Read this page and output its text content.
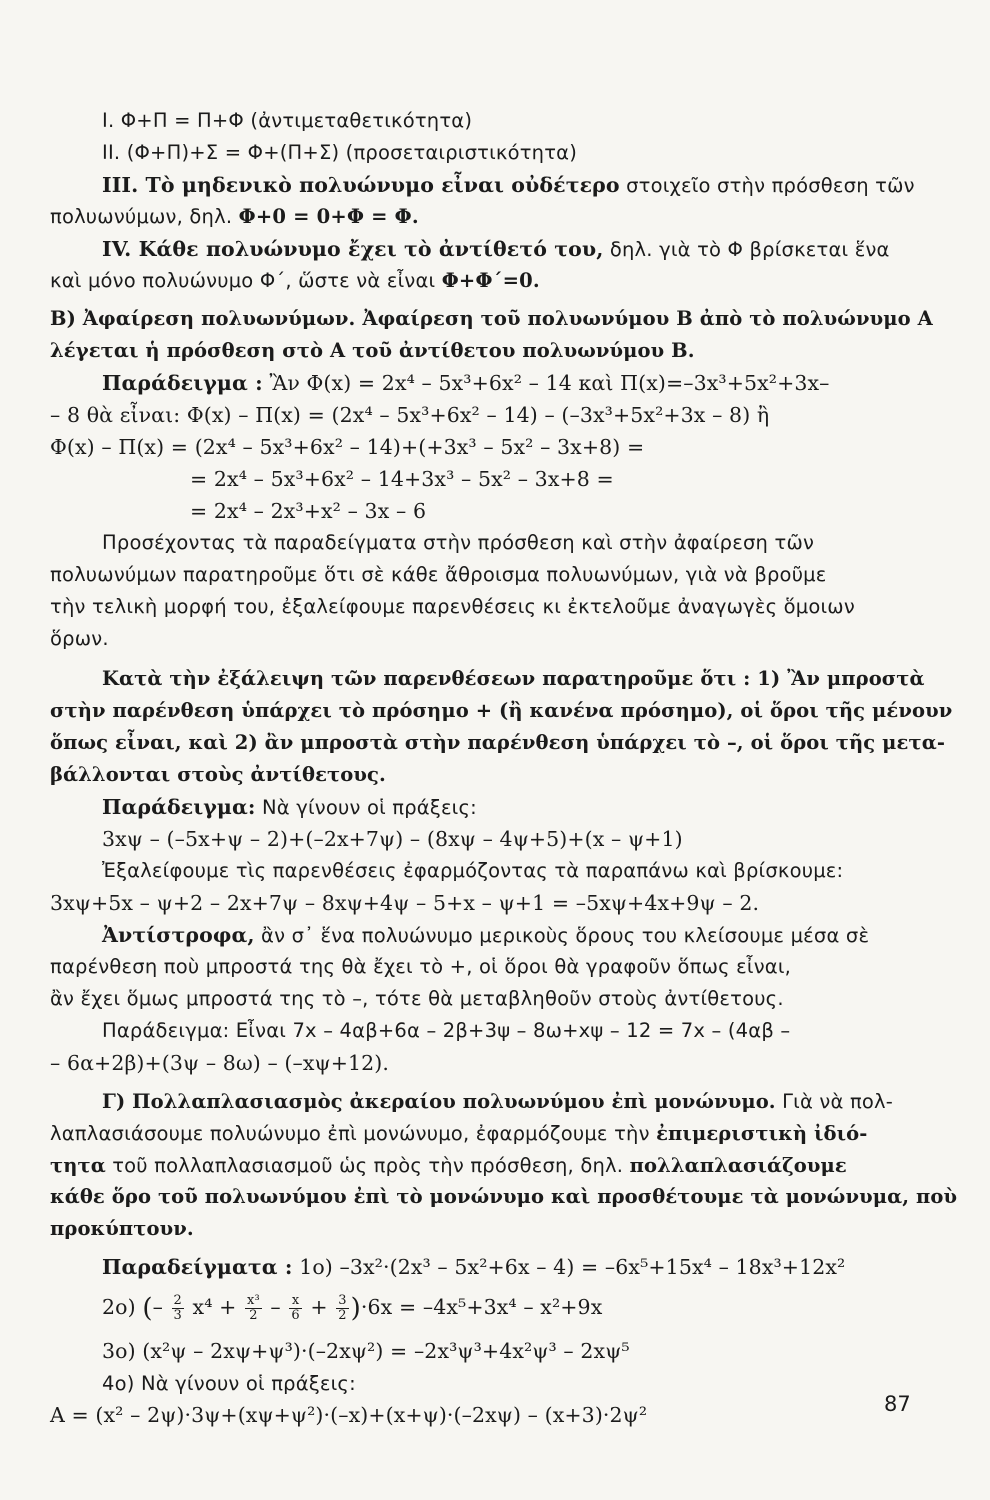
Ι. Φ+Π = Π+Φ (ἀντιμεταθετικότητα)
ΙΙ. (Φ+Π)+Σ = Φ+(Π+Σ) (προσεταιριστικότητα)
ΙΙΙ. Τὸ μηδενικὸ πολυώνυμο εἶναι οὐδέτερο στοιχεῖο στὴν πρόσθεση τῶν
πολυωνύμων, δηλ. Φ+0 = 0+Φ = Φ.
ΙV. Κάθε πολυώνυμο ἔχει τὸ ἀντίθετό του, δηλ. γιὰ τὸ Φ βρίσκεται ἕνα
καὶ μόνο πολυώνυμο Φ΄, ὥστε νὰ εἶναι Φ+Φ΄=0.
Β) Ἀφαίρεση πολυωνύμων. Ἀφαίρεση τοῦ πολυωνύμου Β ἀπὸ τὸ πολυώνυμο Α
λέγεται ἡ πρόσθεση στὸ Α τοῦ ἀντίθετου πολυωνύμου Β.
Παράδειγμα : Ἂν Φ(x) = 2x⁴ – 5x³+6x² – 14 καὶ Π(x)=–3x³+5x²+3x–
– 8 θὰ εἶναι: Φ(x) – Π(x) = (2x⁴ – 5x³+6x² – 14) – (–3x³+5x²+3x – 8) ἢ
Φ(x) – Π(x) = (2x⁴ – 5x³+6x² – 14)+(+3x³ – 5x² – 3x+8) =
= 2x⁴ – 5x³+6x² – 14+3x³ – 5x² – 3x+8 =
= 2x⁴ – 2x³+x² – 3x – 6
Προσέχοντας τὰ παραδείγματα στὴν πρόσθεση καὶ στὴν ἀφαίρεση τῶν
πολυωνύμων παρατηροῦμε ὅτι σὲ κάθε ἄθροισμα πολυωνύμων, γιὰ νὰ βροῦμε
τὴν τελικὴ μορφή του, ἐξαλείφουμε παρενθέσεις κι ἐκτελοῦμε ἀναγωγὲς ὅμοιων
ὅρων.
Κατὰ τὴν ἐξάλειψη τῶν παρενθέσεων παρατηροῦμε ὅτι : 1) Ἂν μπροστὰ
στὴν παρένθεση ὑπάρχει τὸ πρόσημο + (ἢ κανένα πρόσημο), οἱ ὅροι τῆς μένουν
ὅπως εἶναι, καὶ 2) ἂν μπροστὰ στὴν παρένθεση ὑπάρχει τὸ –, οἱ ὅροι τῆς μετα-
βάλλονται στοὺς ἀντίθετους.
Παράδειγμα: Νὰ γίνουν οἱ πράξεις:
3xψ – (–5x+ψ – 2)+(–2x+7ψ) – (8xψ – 4ψ+5)+(x – ψ+1)
Ἐξαλείφουμε τὶς παρενθέσεις ἐφαρμόζοντας τὰ παραπάνω καὶ βρίσκουμε:
3xψ+5x – ψ+2 – 2x+7ψ – 8xψ+4ψ – 5+x – ψ+1 = –5xψ+4x+9ψ – 2.
Ἀντίστροφα, ἂν σ᾿ ἕνα πολυώνυμο μερικοὺς ὅρους του κλείσουμε μέσα σὲ
παρένθεση ποὺ μπροστά της θὰ ἔχει τὸ +, οἱ ὅροι θὰ γραφοῦν ὅπως εἶναι,
ἂν ἔχει ὅμως μπροστά της τὸ –, τότε θὰ μεταβληθοῦν στοὺς ἀντίθετους.
Παράδειγμα: Εἶναι 7x – 4αβ+6α – 2β+3ψ – 8ω+xψ – 12 = 7x – (4αβ –
– 6α+2β)+(3ψ – 8ω) – (–xψ+12).
Γ) Πολλαπλασιασμὸς ἀκεραίου πολυωνύμου ἐπὶ μονώνυμο. Γιὰ νὰ πολ-
λαπλασιάσουμε πολυώνυμο ἐπὶ μονώνυμο, ἐφαρμόζουμε τὴν ἐπιμεριστικὴ ἰδιό-
τητα τοῦ πολλαπλασιασμοῦ ὡς πρὸς τὴν πρόσθεση, δηλ. πολλαπλασιάζουμε
κάθε ὅρο τοῦ πολυωνύμου ἐπὶ τὸ μονώνυμο καὶ προσθέτουμε τὰ μονώνυμα, ποὺ
προκύπτουν.
Παραδείγματα : 1ο) –3x²·(2x³ – 5x²+6x – 4) = –6x⁵+15x⁴ – 18x³+12x²
2ο) (– $\frac{2}{3} x^4 + \frac{\text{x³}}{2} - \frac{x}{6} + \frac{3}{2} )\cdot 6x = -4x^5+3x^4 - x^2+9x$
3ο) (x²ψ – 2xψ+ψ³)·(–2xψ²) = –2x³ψ³+4x²ψ³ – 2xψ⁵
4ο) Νὰ γίνουν οἱ πράξεις:
Α = (x² – 2ψ)·3ψ+(xψ+ψ²)·(–x)+(x+ψ)·(–2xψ) – (x+3)·2ψ²	87
